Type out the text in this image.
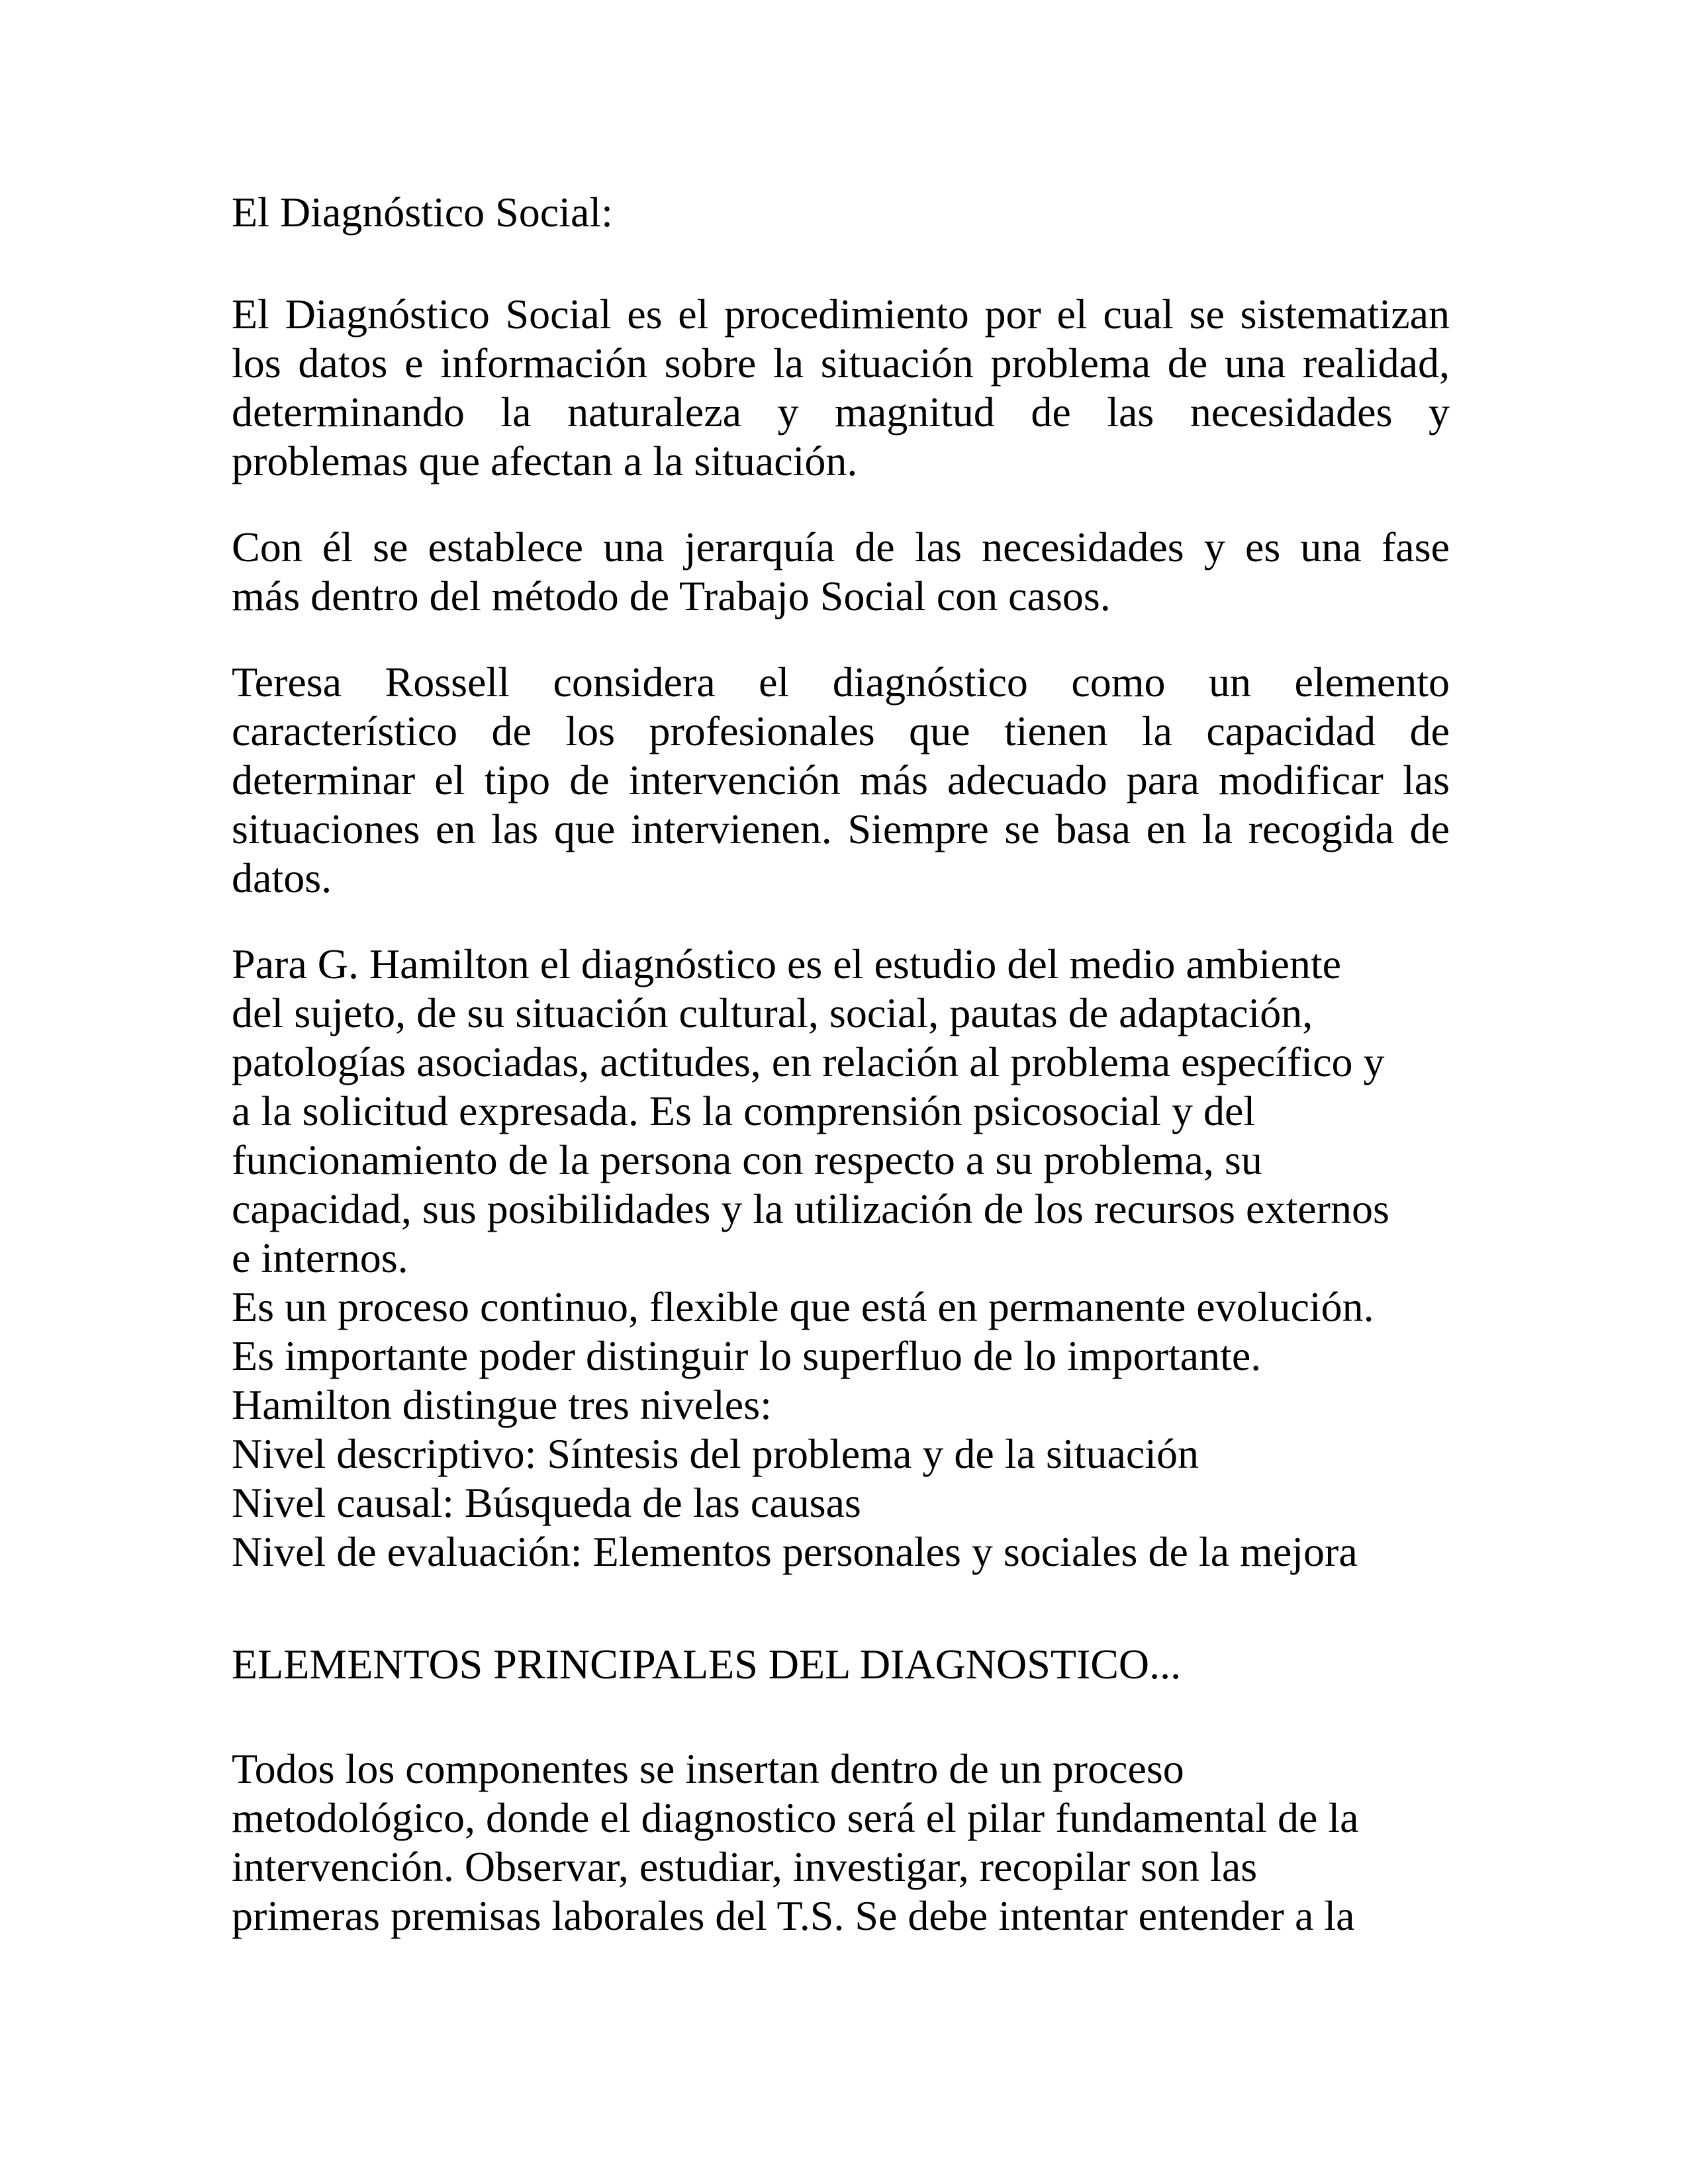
El Diagnóstico Social:
El Diagnóstico Social es el procedimiento por el cual se sistematizan
los datos e información sobre la situación problema de una realidad,
determinando la naturaleza y magnitud de las necesidades y
problemas que afectan a la situación.
Con él se establece una jerarquía de las necesidades y es una fase
más dentro del método de Trabajo Social con casos.
Teresa Rossell considera el diagnóstico como un elemento
característico de los profesionales que tienen la capacidad de
determinar el tipo de intervención más adecuado para modificar las
situaciones en las que intervienen. Siempre se basa en la recogida de
datos.
Para G. Hamilton el diagnóstico es el estudio del medio ambiente
del sujeto, de su situación cultural, social, pautas de adaptación,
patologías asociadas, actitudes, en relación al problema específico y
a la solicitud expresada. Es la comprensión psicosocial y del
funcionamiento de la persona con respecto a su problema, su
capacidad, sus posibilidades y la utilización de los recursos externos
e internos.
Es un proceso continuo, flexible que está en permanente evolución.
Es importante poder distinguir lo superfluo de lo importante.
Hamilton distingue tres niveles:
Nivel descriptivo: Síntesis del problema y de la situación
Nivel causal: Búsqueda de las causas
Nivel de evaluación: Elementos personales y sociales de la mejora
ELEMENTOS PRINCIPALES DEL DIAGNOSTICO...
Todos los componentes se insertan dentro de un proceso
metodológico, donde el diagnostico será el pilar fundamental de la
intervención. Observar, estudiar, investigar, recopilar son las
primeras premisas laborales del T.S. Se debe intentar entender a la
